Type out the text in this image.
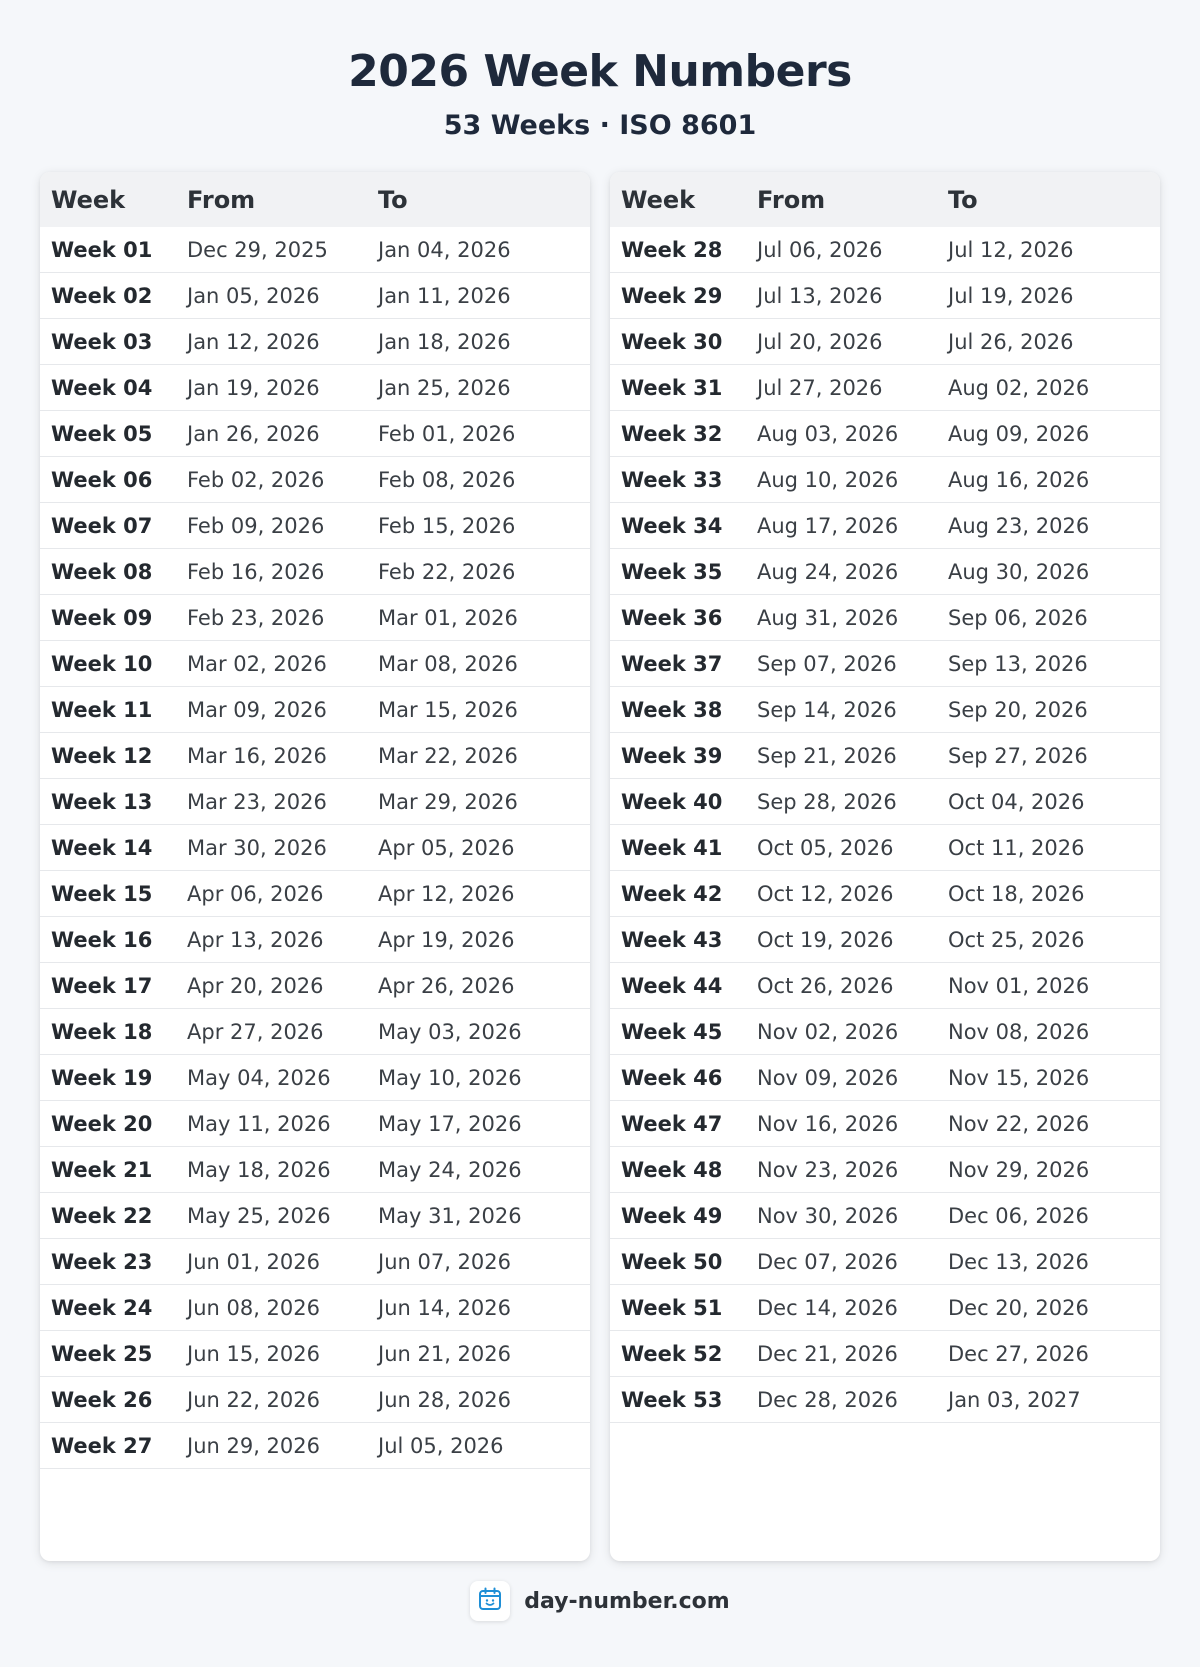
2026 Week Numbers
53 Weeks · ISO 8601
Week	From	To
Week 01	Dec 29, 2025	Jan 04, 2026
Week 02	Jan 05, 2026	Jan 11, 2026
Week 03	Jan 12, 2026	Jan 18, 2026
Week 04	Jan 19, 2026	Jan 25, 2026
Week 05	Jan 26, 2026	Feb 01, 2026
Week 06	Feb 02, 2026	Feb 08, 2026
Week 07	Feb 09, 2026	Feb 15, 2026
Week 08	Feb 16, 2026	Feb 22, 2026
Week 09	Feb 23, 2026	Mar 01, 2026
Week 10	Mar 02, 2026	Mar 08, 2026
Week 11	Mar 09, 2026	Mar 15, 2026
Week 12	Mar 16, 2026	Mar 22, 2026
Week 13	Mar 23, 2026	Mar 29, 2026
Week 14	Mar 30, 2026	Apr 05, 2026
Week 15	Apr 06, 2026	Apr 12, 2026
Week 16	Apr 13, 2026	Apr 19, 2026
Week 17	Apr 20, 2026	Apr 26, 2026
Week 18	Apr 27, 2026	May 03, 2026
Week 19	May 04, 2026	May 10, 2026
Week 20	May 11, 2026	May 17, 2026
Week 21	May 18, 2026	May 24, 2026
Week 22	May 25, 2026	May 31, 2026
Week 23	Jun 01, 2026	Jun 07, 2026
Week 24	Jun 08, 2026	Jun 14, 2026
Week 25	Jun 15, 2026	Jun 21, 2026
Week 26	Jun 22, 2026	Jun 28, 2026
Week 27	Jun 29, 2026	Jul 05, 2026
Week	From	To
Week 28	Jul 06, 2026	Jul 12, 2026
Week 29	Jul 13, 2026	Jul 19, 2026
Week 30	Jul 20, 2026	Jul 26, 2026
Week 31	Jul 27, 2026	Aug 02, 2026
Week 32	Aug 03, 2026	Aug 09, 2026
Week 33	Aug 10, 2026	Aug 16, 2026
Week 34	Aug 17, 2026	Aug 23, 2026
Week 35	Aug 24, 2026	Aug 30, 2026
Week 36	Aug 31, 2026	Sep 06, 2026
Week 37	Sep 07, 2026	Sep 13, 2026
Week 38	Sep 14, 2026	Sep 20, 2026
Week 39	Sep 21, 2026	Sep 27, 2026
Week 40	Sep 28, 2026	Oct 04, 2026
Week 41	Oct 05, 2026	Oct 11, 2026
Week 42	Oct 12, 2026	Oct 18, 2026
Week 43	Oct 19, 2026	Oct 25, 2026
Week 44	Oct 26, 2026	Nov 01, 2026
Week 45	Nov 02, 2026	Nov 08, 2026
Week 46	Nov 09, 2026	Nov 15, 2026
Week 47	Nov 16, 2026	Nov 22, 2026
Week 48	Nov 23, 2026	Nov 29, 2026
Week 49	Nov 30, 2026	Dec 06, 2026
Week 50	Dec 07, 2026	Dec 13, 2026
Week 51	Dec 14, 2026	Dec 20, 2026
Week 52	Dec 21, 2026	Dec 27, 2026
Week 53	Dec 28, 2026	Jan 03, 2027
day-number.com
